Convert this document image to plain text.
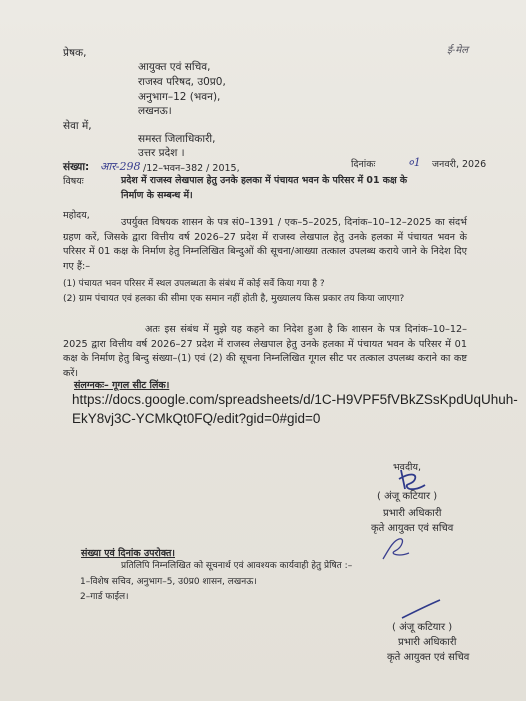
ई-मेल
प्रेषक,
आयुक्त एवं सचिव,
राजस्व परिषद, उ0प्र0,
अनुभाग–12 (भवन),
लखनऊ।
सेवा में,
समस्त जिलाधिकारी,
उत्तर प्रदेश ।
संख्या: आर-298 /12–भवन–382 / 2015,	दिनांकः	०1 जनवरी, 2026
विषयः	प्रदेश में राजस्व लेखपाल हेतु उनके हलका में पंचायत भवन के परिसर में 01 कक्ष के
निर्माण के सम्बन्ध में।
महोदय,
उपर्युक्त विषयक शासन के पत्र सं0–1391 / एक–5–2025, दिनांक–10–12–2025 का संदर्भ ग्रहण करें, जिसके द्वारा वित्तीय वर्ष 2026–27 प्रदेश में राजस्व लेखपाल हेतु उनके हलका में पंचायत भवन के परिसर में 01 कक्ष के निर्माण हेतु निम्नलिखित बिन्दुओं की सूचना/आख्या तत्काल उपलब्ध कराये जाने के निदेश दिए गए हैं:–
(1) पंचायत भवन परिसर में स्थल उपलब्धता के संबंध में कोई सर्वे किया गया है ?
(2) ग्राम पंचायत एवं हलका की सीमा एक समान नहीं होती है, मुख्यालय किस प्रकार तय किया जाएगा?
अतः इस संबंध में मुझे यह कहने का निदेश हुआ है कि शासन के पत्र दिनांक–10–12–2025 द्वारा वित्तीय वर्ष 2026–27 प्रदेश में राजस्व लेखपाल हेतु उनके हलका में पंचायत भवन के परिसर में 01 कक्ष के निर्माण हेतु बिन्दु संख्या–(1) एवं (2) की सूचना निम्नलिखित गूगल सीट पर तत्काल उपलब्ध कराने का कष्ट करें।
संलग्नकः– गूगल सीट लिंक।
https://docs.google.com/spreadsheets/d/1C-H9VPF5fVBkZSsKpdUqUhuh-
EkY8vj3C-YCMkQt0FQ/edit?gid=0#gid=0
भवदीय,
( अंजू कटियार )
प्रभारी अधिकारी
कृते आयुक्त एवं सचिव
संख्या एवं दिनांक उपरोक्त।
प्रतिलिपि निम्नलिखित को सूचनार्थ एवं आवश्यक कार्यवाही हेतु प्रेषित :–
1–विशेष सचिव, अनुभाग–5, उ0प्र0 शासन, लखनऊ।
2–गार्ड फाईल।
( अंजू कटियार )
प्रभारी अधिकारी
कृते आयुक्त एवं सचिव
